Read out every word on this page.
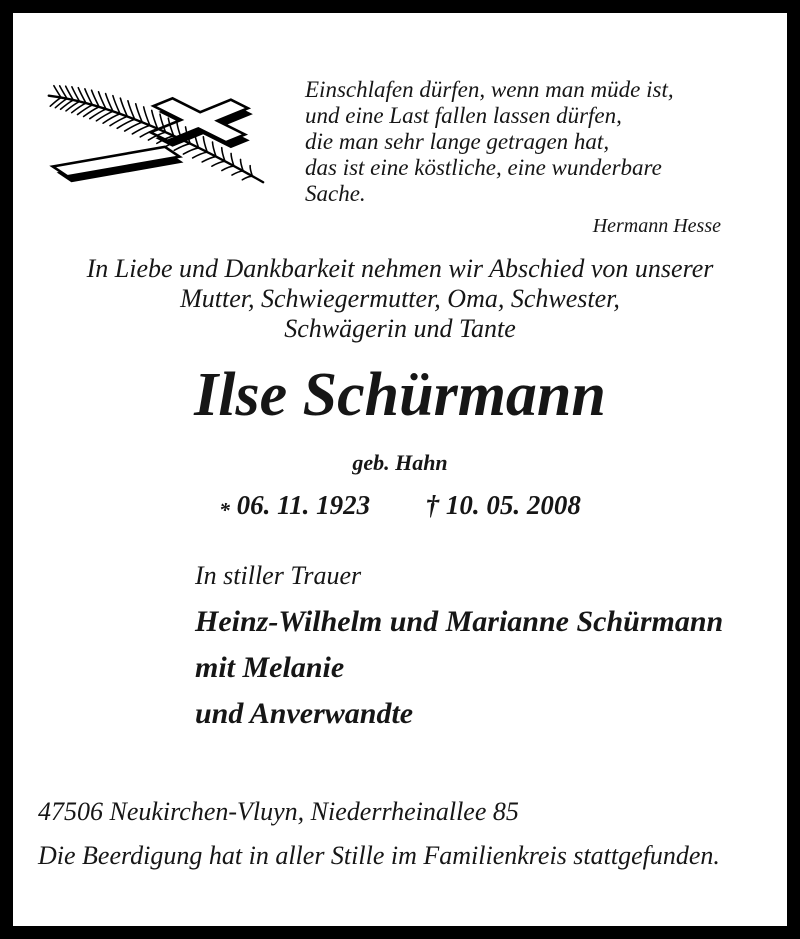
Einschlafen dürfen, wenn man müde ist,
und eine Last fallen lassen dürfen,
die man sehr lange getragen hat,
das ist eine köstliche, eine wunderbare
Sache.
Hermann Hesse
In Liebe und Dankbarkeit nehmen wir Abschied von unserer
Mutter, Schwiegermutter, Oma, Schwester,
Schwägerin und Tante
Ilse Schürmann
geb. Hahn
* 06. 11. 1923 † 10. 05. 2008
In stiller Trauer
Heinz-Wilhelm und Marianne Schürmann
mit Melanie
und Anverwandte
47506 Neukirchen-Vluyn, Niederrheinallee 85
Die Beerdigung hat in aller Stille im Familienkreis stattgefunden.
